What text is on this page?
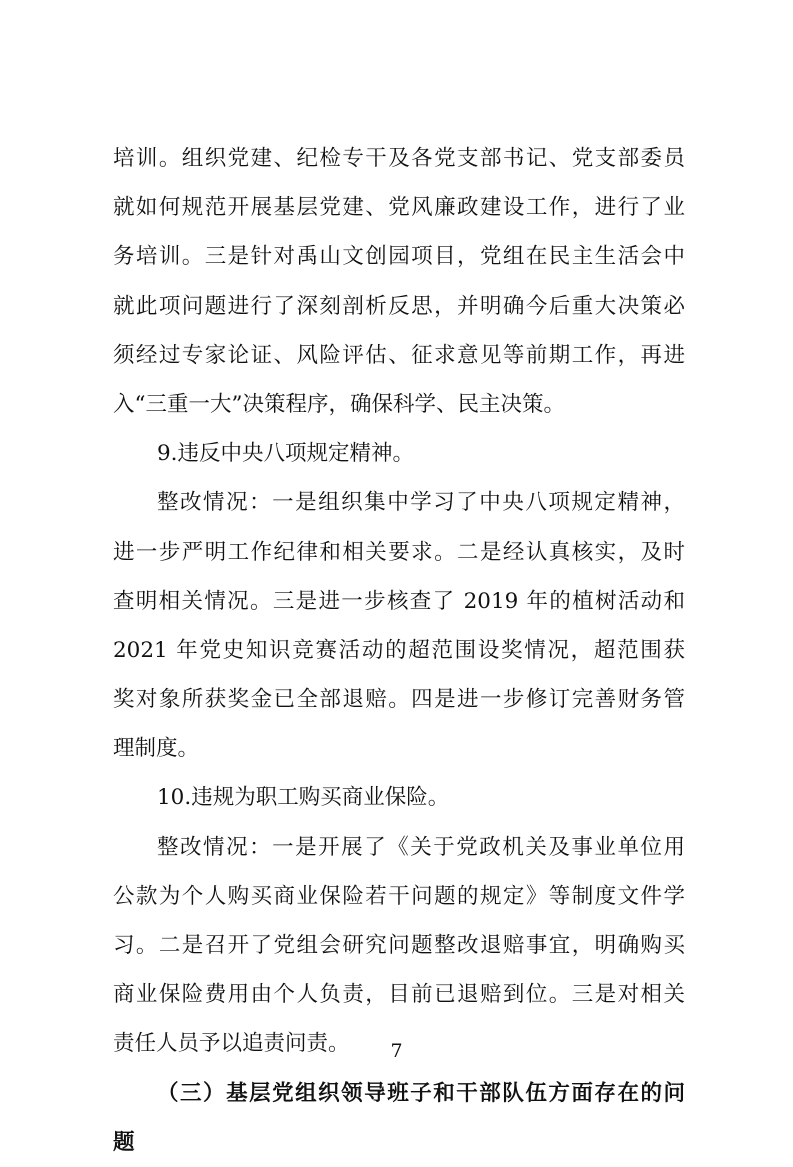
培训。组织党建、纪检专干及各党支部书记、党支部委员
就如何规范开展基层党建、党风廉政建设工作，进行了业
务培训。三是针对禹山文创园项目，党组在民主生活会中
就此项问题进行了深刻剖析反思，并明确今后重大决策必
须经过专家论证、风险评估、征求意见等前期工作，再进
入“三重一大”决策程序，确保科学、民主决策。
9.违反中央八项规定精神。
整改情况：一是组织集中学习了中央八项规定精神，
进一步严明工作纪律和相关要求。二是经认真核实，及时
查明相关情况。三是进一步核查了 2019 年的植树活动和
2021 年党史知识竞赛活动的超范围设奖情况，超范围获
奖对象所获奖金已全部退赔。四是进一步修订完善财务管
理制度。
10.违规为职工购买商业保险。
整改情况：一是开展了《关于党政机关及事业单位用
公款为个人购买商业保险若干问题的规定》等制度文件学
习。二是召开了党组会研究问题整改退赔事宜，明确购买
商业保险费用由个人负责，目前已退赔到位。三是对相关
责任人员予以追责问责。
（三）基层党组织领导班子和干部队伍方面存在的问
题
7
